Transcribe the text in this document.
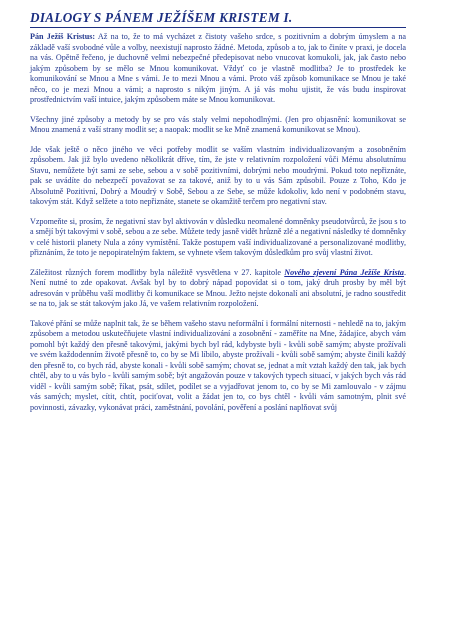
DIALOGY S PÁNEM JEŽÍŠEM KRISTEM I.

Pán Ježíš Kristus: Až na to, že to má vycházet z čistoty vašeho srdce, s pozitivním a dobrým úmyslem a na základě vaší svobodné vůle a volby, neexistují naprosto žádné. Metoda, způsob a to, jak to činíte v praxi, je docela na vás. Opětně řečeno, je duchovně velmi nebezpečné předepisovat nebo vnucovat komukoli, jak, jak často nebo jakým způsobem by se mělo se Mnou komunikovat. Vždyť co je vlastně modlitba? Je to prostředek ke komunikování se Mnou a Mne s vámi. Je to mezi Mnou a vámi. Proto váš způsob komunikace se Mnou je také něco, co je mezi Mnou a vámi; a naprosto s nikým jiným. A já vás mohu ujistit, že vás budu inspirovat prostřednictvím vaší intuice, jakým způsobem máte se Mnou komunikovat.

Všechny jiné způsoby a metody by se pro vás staly velmi nepohodlnými. (Jen pro objasnění: komunikovat se Mnou znamená z vaší strany modlit se; a naopak: modlit se ke Mně znamená komunikovat se Mnou).

Jde však ještě o něco jiného ve věci potřeby modlit se vaším vlastním individualizovaným a zosobněním způsobem. Jak již bylo uvedeno několikrát dříve, tím, že jste v relativním rozpoložení vůči Mému absolutnímu Stavu, nemůžete být sami ze sebe, sebou a v sobě pozitivními, dobrými nebo moudrými. Pokud toto nepřiznáte, pak se uvádíte do nebezpečí považovat se za takové, aniž by to u vás Sám způsobil. Pouze z Toho, Kdo je Absolutně Pozitivní, Dobrý a Moudrý v Sobě, Sebou a ze Sebe, se může kdokoliv, kdo není v podobném stavu, takovým stát. Když selžete a toto nepřiznáte, stanete se okamžitě terčem pro negativní stav.

Vzpomeňte si, prosím, že negativní stav byl aktivován v důsledku neomalené domněnky pseudotvůrců, že jsou s to a smějí být takovými v sobě, sebou a ze sebe. Můžete tedy jasně vidět hrůzně zlé a negativní následky té domněnky v celé historii planety Nula a zóny vymístění. Takže postupem vaší individualizované a personalizované modlitby, přiznáním, že toto je nepopiratelným faktem, se vyhnete všem takovým důsledkům pro svůj vlastní život.

Záležitost různých forem modlitby byla náležitě vysvětlena v 27. kapitole Nového zjevení Pána Ježíše Krista. Není nutné to zde opakovat. Avšak byl by to dobrý nápad popovídat si o tom, jaký druh prosby by měl být adresován v průběhu vaší modlitby či komunikace se Mnou. Ježto nejste dokonalí ani absolutní, je radno soustředit se na to, jak se stát takovým jako Já, ve vašem relativním rozpoložení.

Takové přání se může naplnit tak, že se během vašeho stavu neformální i formální niternosti - nehledě na to, jakým způsobem a metodou uskutečňujete vlastní individualizování a zosobnění - zaměříte na Mne, žádajíce, abych vám pomohl být každý den přesně takovými, jakými bych byl rád, kdybyste byli - kvůli sobě samým; abyste prožívali ve svém každodenním životě přesně to, co by se Mi líbilo, abyste prožívali - kvůli sobě samým; abyste činili každý den přesně to, co bych rád, abyste konali - kvůli sobě samým; chovat se, jednat a mít vztah každý den tak, jak bych chtěl, aby to u vás bylo - kvůli samým sobě; být angažován pouze v takových typech situací, v jakých bych vás rád viděl - kvůli samým sobě; říkat, psát, sdílet, podílet se a vyjadřovat jenom to, co by se Mi zamlouvalo - v zájmu vás samých; myslet, cítit, chtít, pociťovat, volit a žádat jen to, co bys chtěl - kvůli vám samotným, plnit své povinnosti, závazky, vykonávat práci, zaměstnání, povolání, pověření a poslání naplňovat svůj
